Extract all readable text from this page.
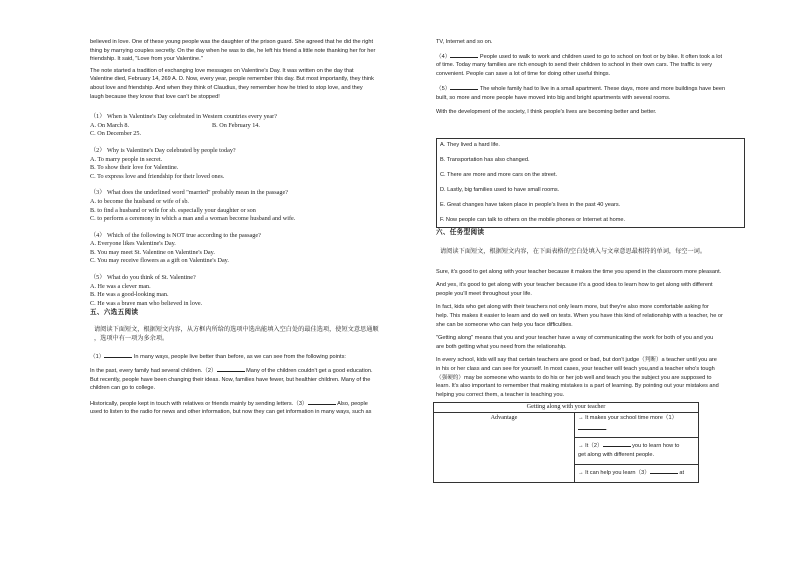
believed in love. One of these young people was the daughter of the prison guard. She agreed that he did the right

thing by marrying couples secretly. On the day when he was to die, he left his friend a little note thanking her for her

friendship. It said, "Love from your Valentine."

The note started a tradition of exchanging love messages on Valentine's Day. It was written on the day that

Valentine died, February 14, 269 A. D. Now, every year, people remember this day. But most importantly, they think

about love and friendship. And when they think of Claudius, they remember how he tried to stop love, and they

laugh because they know that love can't be stopped!

（1） When is Valentine's Day celebrated in Western countries every year?

A. On March 8.	B. On February 14.

C. On December 25.

（2） Why is Valentine's Day celebrated by people today?

A. To marry people in secret.

B. To show their love for Valentine.

C. To express love and friendship for their loved ones.

（3） What does the underlined word "married" probably mean in the passage?

A. to become the husband or wife of sb.

B. to find a husband or wife for sb. especially your daughter or son

C. to perform a ceremony in which a man and a woman become husband and wife.

（4） Which of the following is NOT true according to the passage?

A. Everyone likes Valentine's Day.

B. You may meet St. Valentine on Valentine's Day.

C. You may receive flowers as a gift on Valentine's Day.

（5） What do you think of St. Valentine?

A. He was a clever man.

B. He was a good-looking man.

C. He was a brave man who believed in love.

五、六选五阅读

请阅读下面短文，根据短文内容，从方框内所给的选项中选出能填入空白处的最佳选项，使短文意思通顺

，选项中有一项为多余项。

（1）	In many ways, people live better than before, as we can see from the following points:

In the past, every family had several children.（2）	Many of the children couldn't get a good education.

But recently, people have been changing their ideas. Now, families have fewer, but healthier children. Many of the

children can go to college.

Historically, people kept in touch with relatives or friends mainly by sending letters.（3）	Also, people

used to listen to the radio for news and other information, but now they can get information in many ways, such as

TV, Internet and so on.

（4）	People used to walk to work and children used to go to school on foot or by bike. It often took a lot

of time. Today many families are rich enough to send their children to school in their own cars. The traffic is very

convenient. People can save a lot of time for doing other useful things.

（5）	The whole family had to live in a small apartment. These days, more and more buildings have been

built, so more and more people have moved into big and bright apartments with several rooms.

With the development of the society, I think people's lives are becoming better and better.

A. They lived a hard life.

B. Transportation has also changed.

C. There are more and more cars on the street.

D. Lastly, big families used to have small rooms.

E. Great changes have taken place in people's lives in the past 40 years.

F. Now people can talk to others on the mobile phones or Internet at home.

六、任务型阅读

请阅读下面短文，根据短文内容，在下面表格的空白处填入与文章意思最相符的单词，每空一词。

Sure, it's good to get along with your teacher because it makes the time you spend in the classroom more pleasant.

And yes, it's good to get along with your teacher because it's a good idea to learn how to get along with different

people you'll meet throughout your life.

In fact, kids who get along with their teachers not only learn more, but they're also more comfortable asking for

help. This makes it easier to learn and do well on tests. When you have this kind of relationship with a teacher, he or

she can be someone who can help you face difficulties.

"Getting along" means that you and your teacher have a way of communicating the work for both of you and you

are both getting what you need from the relationship.

In every school, kids will say that certain teachers are good or bad, but don't judge（判断）a teacher until you are

in his or her class and can see for yourself. In most cases, your teacher will teach you,and a teacher who's tough

（强硬的）may be someone who wants to do his or her job well and teach you the subject you are supposed to

learn. It's also important to remember that making mistakes is a part of learning. By pointing out your mistakes and

helping you correct them, a teacher is teaching you.

Getting along with your teacher
Advantage	→ It makes your school time more（1）
.
→ It（2）	you to learn how to
get along with different people.
→ It can help you learn（3）	at
